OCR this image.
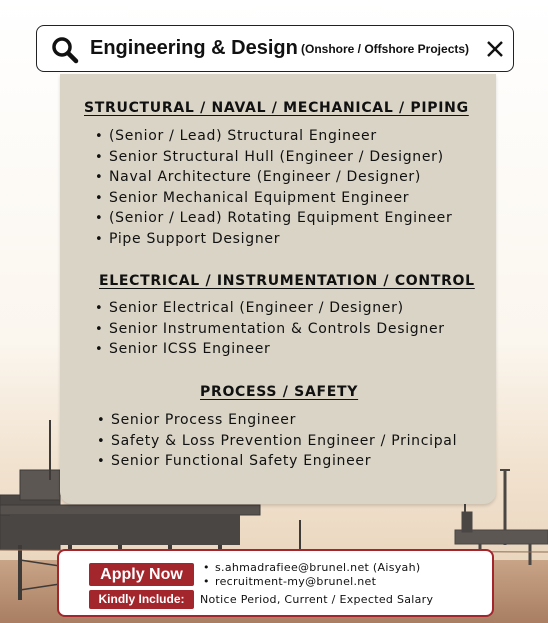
Engineering & Design (Onshore / Offshore Projects)
STRUCTURAL / NAVAL / MECHANICAL / PIPING
• (Senior / Lead) Structural Engineer
• Senior Structural Hull (Engineer / Designer)
• Naval Architecture (Engineer / Designer)
• Senior Mechanical Equipment Engineer
• (Senior / Lead) Rotating Equipment Engineer
• Pipe Support Designer
ELECTRICAL / INSTRUMENTATION / CONTROL
• Senior Electrical (Engineer / Designer)
• Senior Instrumentation & Controls Designer
• Senior ICSS Engineer
PROCESS / SAFETY
• Senior Process Engineer
• Safety & Loss Prevention Engineer / Principal
• Senior Functional Safety Engineer
Apply Now
Kindly Include:
• s.ahmadrafiee@brunel.net (Aisyah)
• recruitment-my@brunel.net
Notice Period, Current / Expected Salary
